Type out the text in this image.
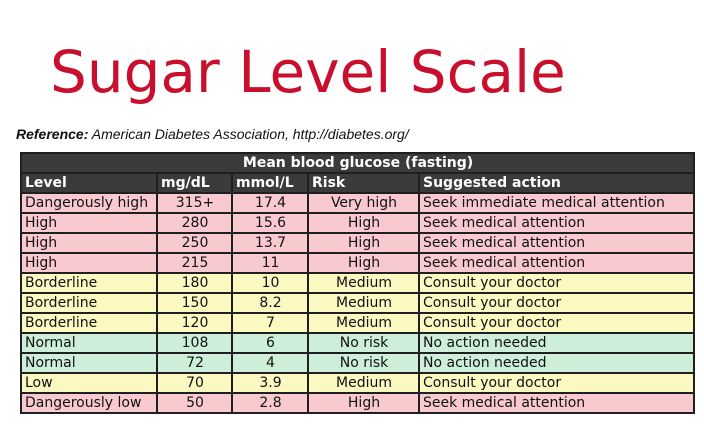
Sugar Level Scale
Reference: American Diabetes Association, http://diabetes.org/
Mean blood glucose (fasting)				
Level	mg/dL	mmol/L	Risk	Suggested action
Dangerously high	315+	17.4	Very high	Seek immediate medical attention
High	280	15.6	High	Seek medical attention
High	250	13.7	High	Seek medical attention
High	215	11	High	Seek medical attention
Borderline	180	10	Medium	Consult your doctor
Borderline	150	8.2	Medium	Consult your doctor
Borderline	120	7	Medium	Consult your doctor
Normal	108	6	No risk	No action needed
Normal	72	4	No risk	No action needed
Low	70	3.9	Medium	Consult your doctor
Dangerously low	50	2.8	High	Seek medical attention
